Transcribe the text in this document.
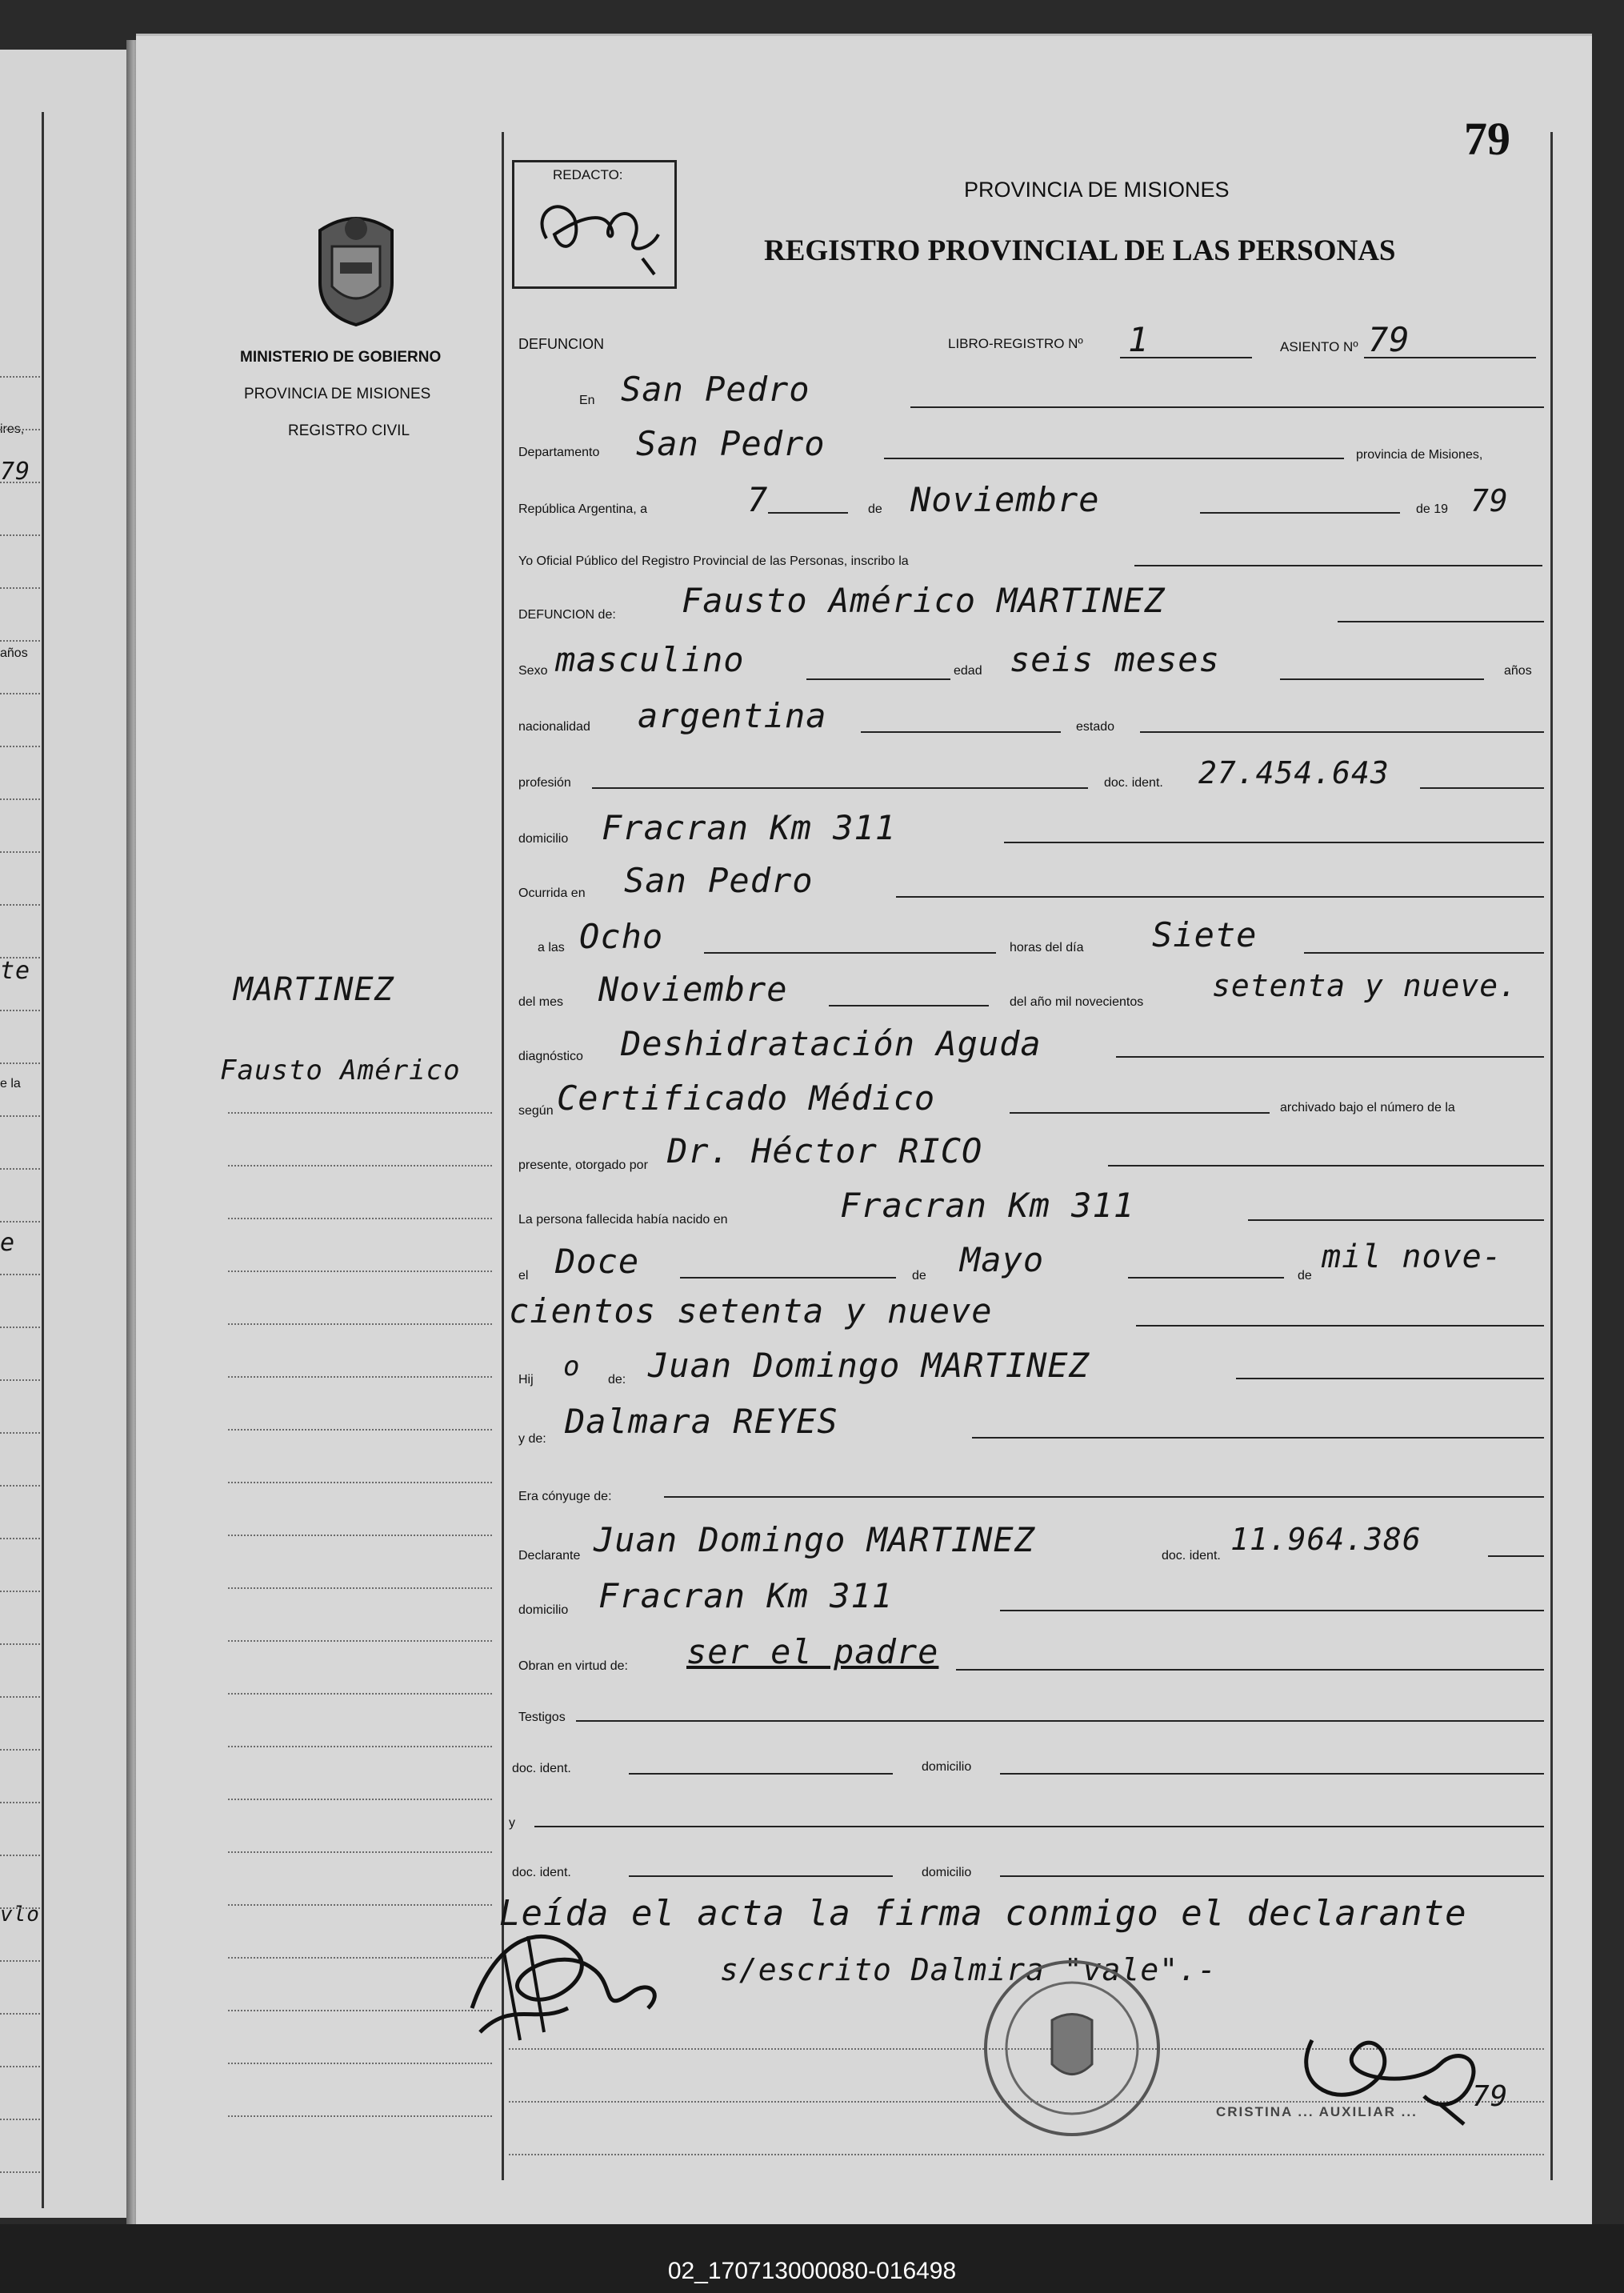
02_170713000080-016498
ires,
79
años
te
e la
e
vlo
79
REDACTO:
PROVINCIA DE MISIONES
REGISTRO PROVINCIAL DE LAS PERSONAS
MINISTERIO DE GOBIERNO
PROVINCIA DE MISIONES
REGISTRO CIVIL
MARTINEZ
Fausto Américo
DEFUNCION	LIBRO-REGISTRO Nº 1	ASIENTO Nº 79
En San Pedro
Departamento San Pedro	provincia de Misiones,
República Argentina, a	7	de Noviembre	de 19 79
Yo Oficial Público del Registro Provincial de las Personas, inscribo la
DEFUNCION de: Fausto Américo MARTINEZ
Sexo masculino	edad seis meses	años
nacionalidad argentina	estado
profesión	doc. ident. 27.454.643
domicilio Fracran Km 311
Ocurrida en San Pedro
a las Ocho	horas del día Siete
del mes Noviembre	del año mil novecientos setenta y nueve.
diagnóstico Deshidratación Aguda
según Certificado Médico	archivado bajo el número de la
presente, otorgado por Dr. Héctor RICO
La persona fallecida había nacido en	Fracran Km 311
el Doce	de Mayo	de
mil nove-
cientos setenta y nueve
Hij o de: Juan Domingo MARTINEZ
y de: Dalmara REYES
Era cónyuge de:
Declarante Juan Domingo MARTINEZ	doc. ident. 11.964.386
domicilio Fracran Km 311
Obran en virtud de: ser el padre
Testigos
doc. ident.	domicilio
y
doc. ident.	domicilio
Leída el acta la firma conmigo el declarante
s/escrito Dalmira "vale".-
79
CRISTINA ... AUXILIAR ...
